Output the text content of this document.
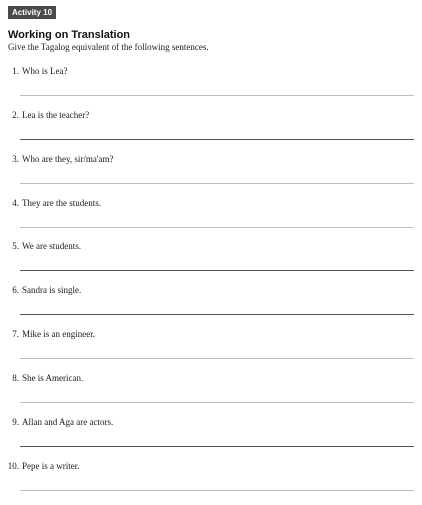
Activity 10
Working on Translation
Give the Tagalog equivalent of the following sentences.
1. Who is Lea?
2. Lea is the teacher?
3. Who are they, sir/ma'am?
4. They are the students.
5. We are students.
6. Sandra is single.
7. Mike is an engineer.
8. She is American.
9. Allan and Aga are actors.
10. Pepe is a writer.
